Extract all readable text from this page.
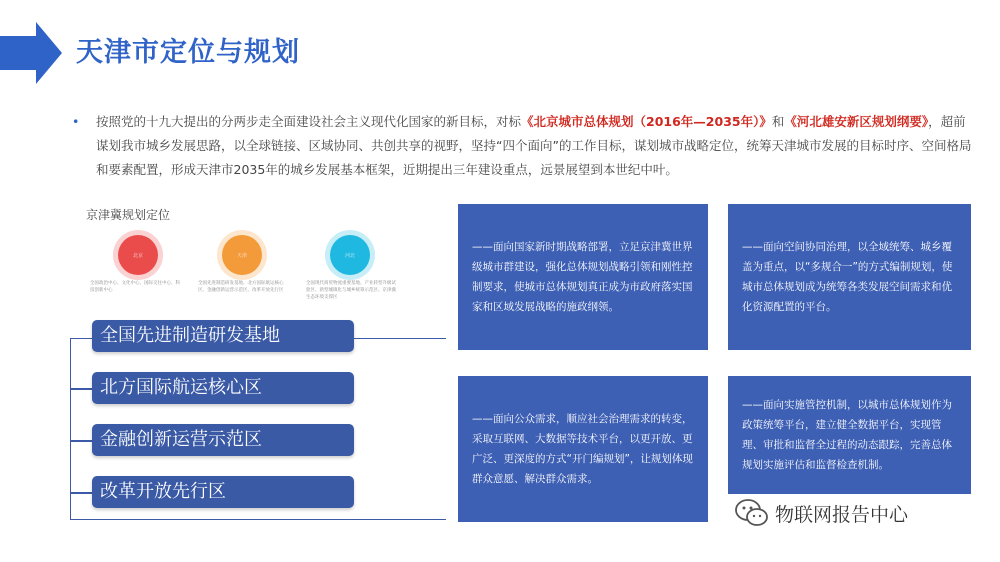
天津市定位与规划
•	按照党的十九大提出的分两步走全面建设社会主义现代化国家的新目标，对标《北京城市总体规划（2016年—2035年）》和《河北雄安新区规划纲要》，超前谋划我市城乡发展思路，以全球链接、区域协同、共创共享的视野，坚持“四个面向”的工作目标，谋划城市战略定位，统筹天津城市发展的目标时序、空间格局和要素配置，形成天津市2035年的城乡发展基本框架，近期提出三年建设重点，远景展望到本世纪中叶。
京津冀规划定位
北京
全国政治中心、文化中心、国际交往中心、科技创新中心
天津
全国先进制造研发基地、北方国际航运核心区、金融创新运营示范区、改革开放先行区
河北
全国现代商贸物流重要基地、产业转型升级试验区、新型城镇化与城乡统筹示范区、京津冀生态环境支撑区
全国先进制造研发基地
北方国际航运核心区
金融创新运营示范区
改革开放先行区
——面向国家新时期战略部署，立足京津冀世界级城市群建设，强化总体规划战略引领和刚性控制要求，使城市总体规划真正成为市政府落实国家和区域发展战略的施政纲领。
——面向空间协同治理，以全域统筹、城乡覆盖为重点，以“多规合一”的方式编制规划，使城市总体规划成为统筹各类发展空间需求和优化资源配置的平台。
——面向公众需求，顺应社会治理需求的转变，采取互联网、大数据等技术平台，以更开放、更广泛、更深度的方式“开门编规划”，让规划体现群众意愿、解决群众需求。
——面向实施管控机制，以城市总体规划作为政策统筹平台，建立健全数据平台，实现管理、审批和监督全过程的动态跟踪，完善总体规划实施评估和监督检查机制。
物联网报告中心
